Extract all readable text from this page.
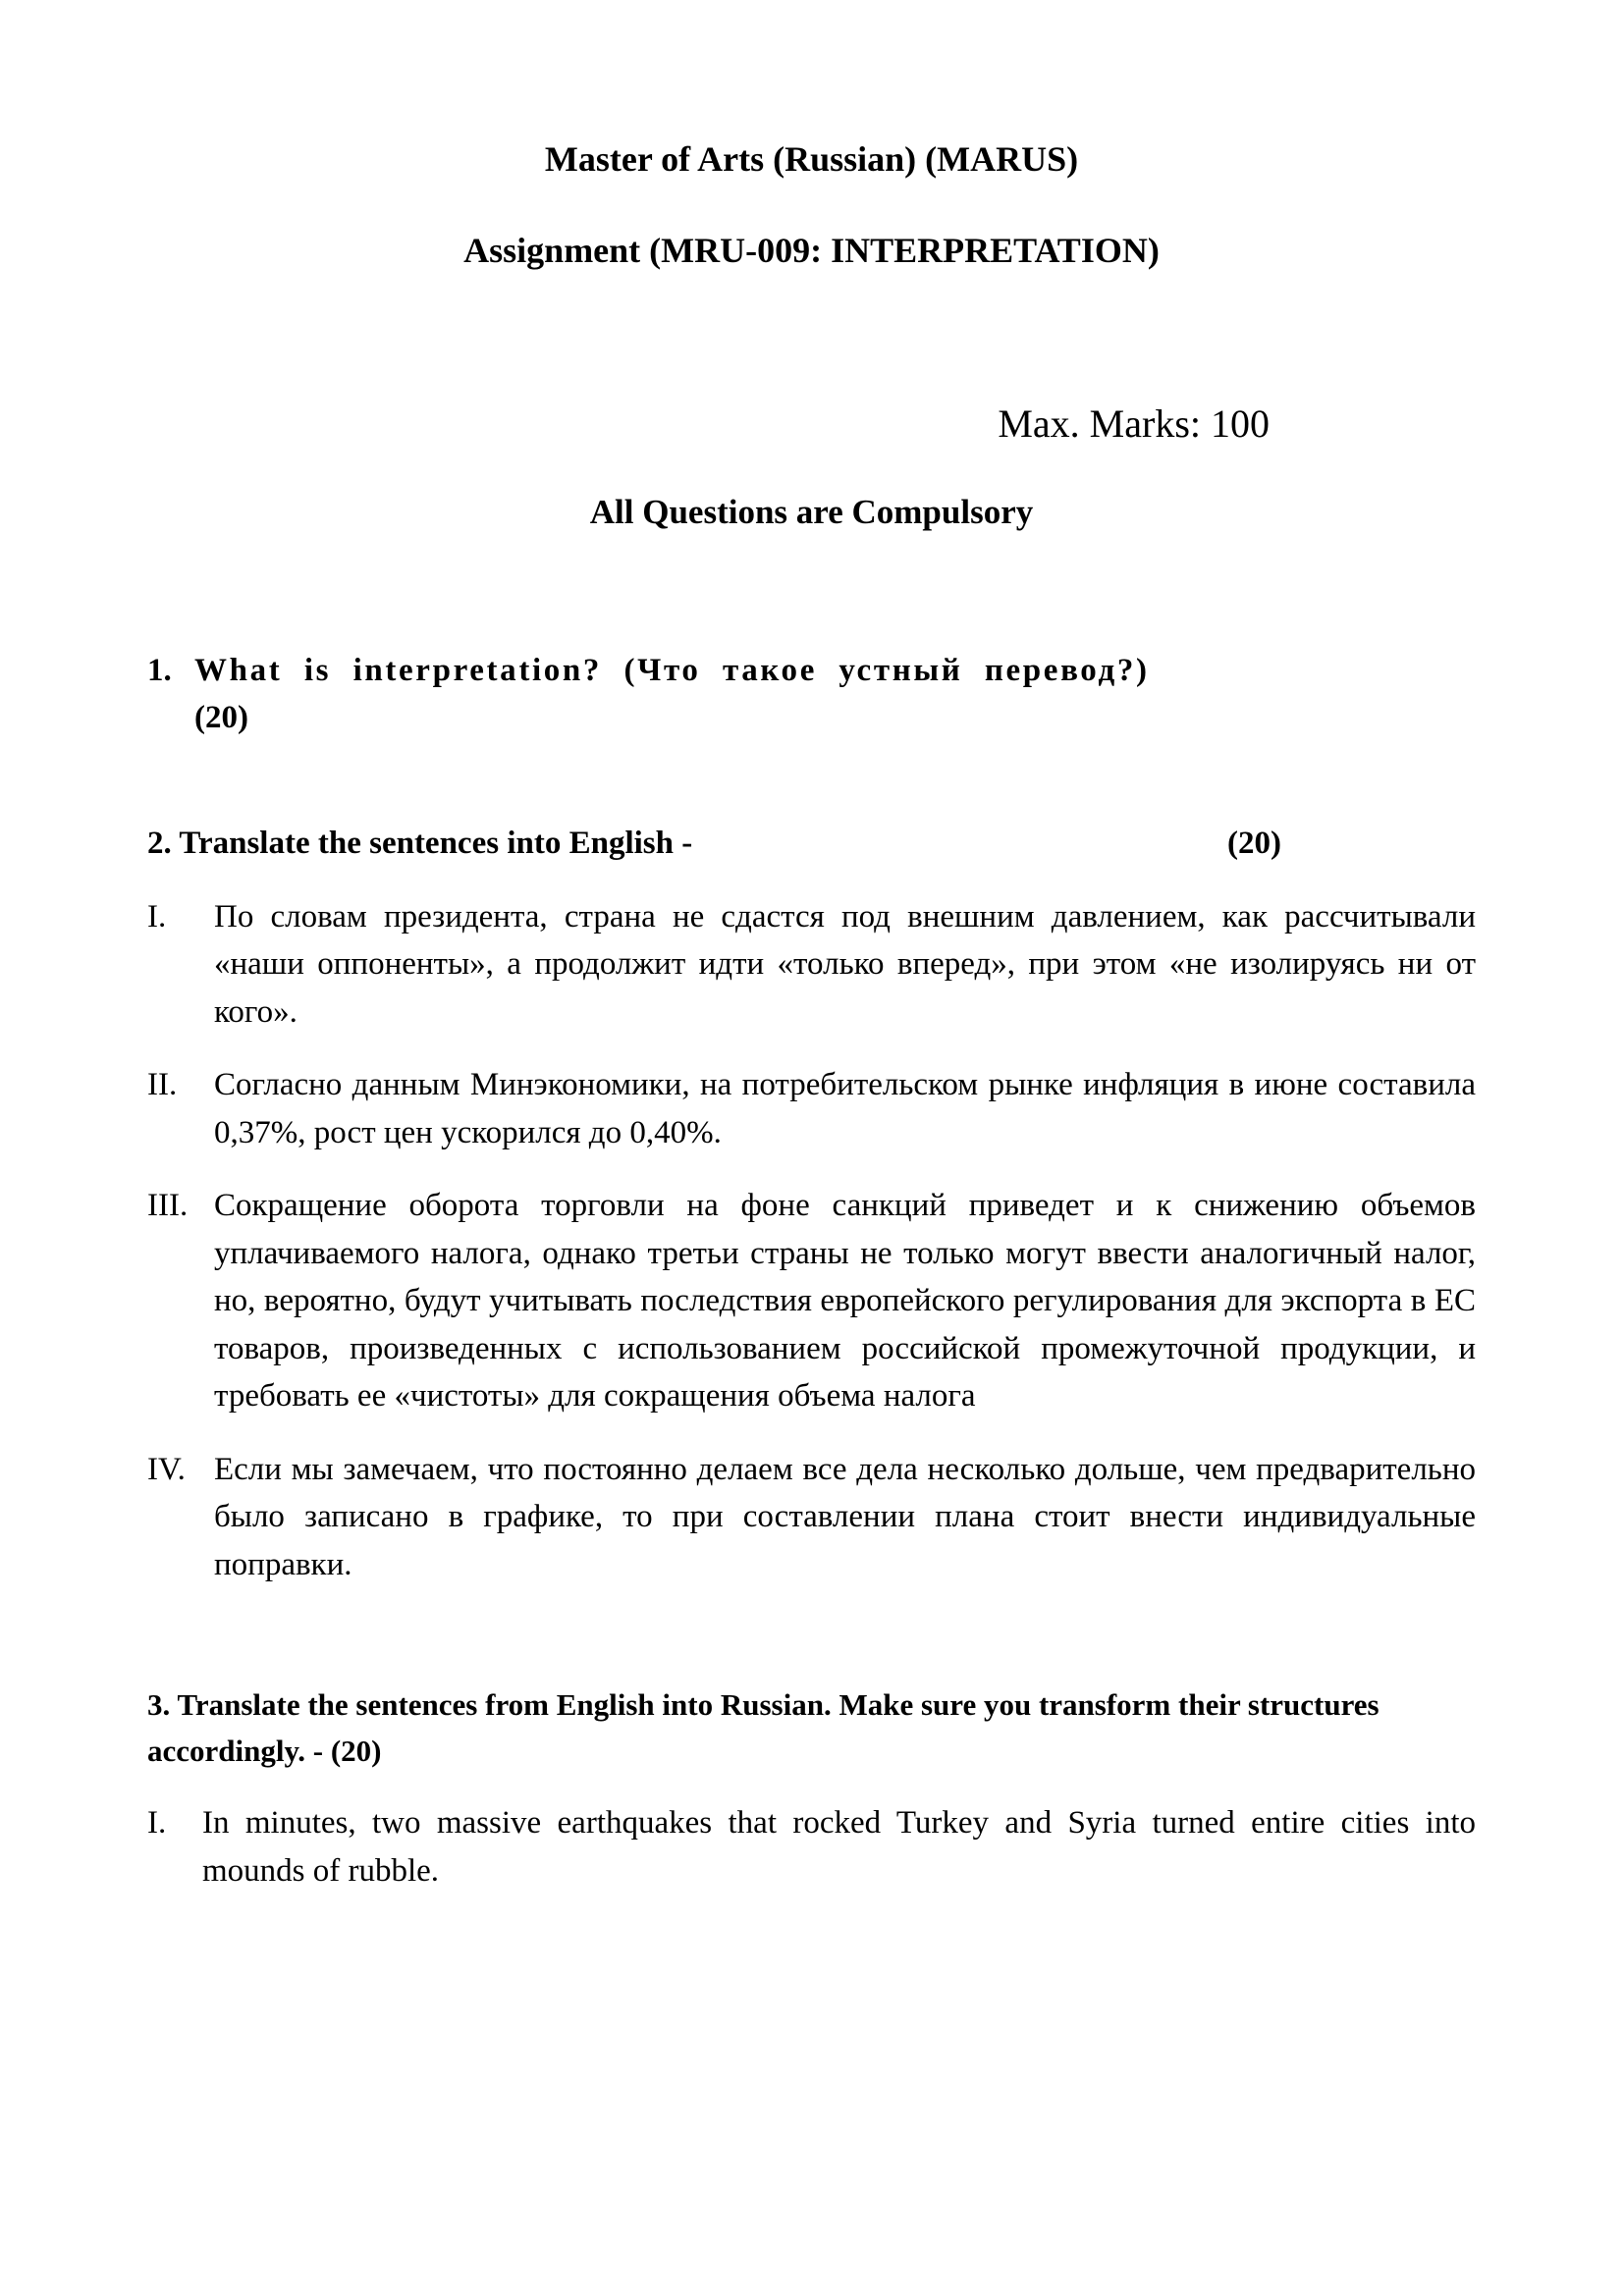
Master of Arts (Russian) (MARUS)
Assignment (MRU-009: INTERPRETATION)
Max. Marks: 100
All Questions are Compulsory
1. What is interpretation? (Что такое устный перевод?)
(20)
2. Translate the sentences into English -	(20)
I.	По словам президента, страна не сдастся под внешним давлением, как рассчитывали «наши оппоненты», а продолжит идти «только вперед», при этом «не изолируясь ни от кого».
II.	Согласно данным Минэкономики, на потребительском рынке инфляция в июне составила 0,37%, рост цен ускорился до 0,40%.
III. Сокращение оборота торговли на фоне санкций приведет и к снижению объемов уплачиваемого налога, однако третьи страны не только могут ввести аналогичный налог, но, вероятно, будут учитывать последствия европейского регулирования для экспорта в ЕС товаров, произведенных с использованием российской промежуточной продукции, и требовать ее «чистоты» для сокращения объема налога
IV. Если мы замечаем, что постоянно делаем все дела несколько дольше, чем предварительно было записано в графике, то при составлении плана стоит внести индивидуальные поправки.
3. Translate the sentences from English into Russian. Make sure you transform their structures accordingly. - (20)
I.	In minutes, two massive earthquakes that rocked Turkey and Syria turned entire cities into mounds of rubble.
